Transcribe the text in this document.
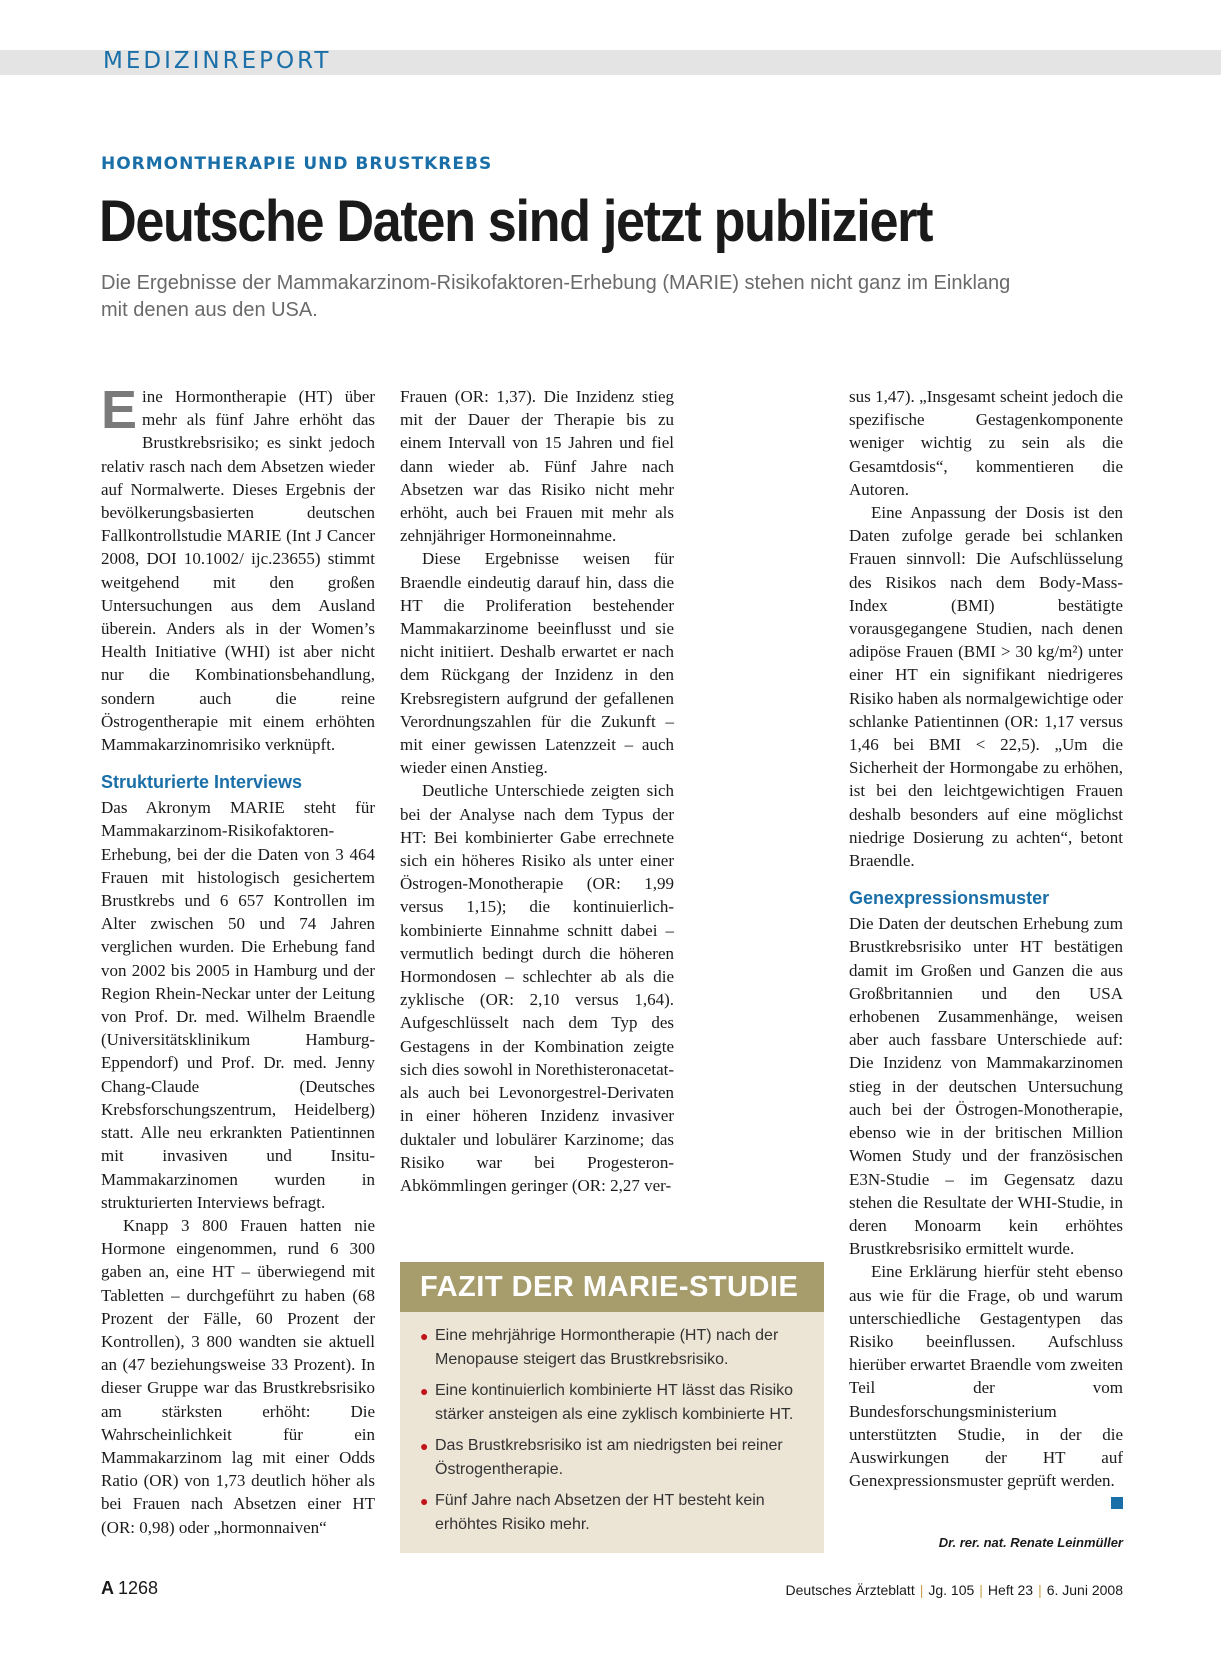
MEDIZINREPORT
HORMONTHERAPIE UND BRUSTKREBS
Deutsche Daten sind jetzt publiziert
Die Ergebnisse der Mammakarzinom-Risikofaktoren-Erhebung (MARIE) stehen nicht ganz im Einklang mit denen aus den USA.

Eine Hormontherapie (HT) über mehr als fünf Jahre erhöht das Brustkrebsrisiko; es sinkt jedoch relativ rasch nach dem Absetzen wieder auf Normalwerte. Dieses Ergebnis der bevölkerungsbasierten deutschen Fallkontrollstudie MARIE (Int J Cancer 2008, DOI 10.1002/ ijc.23655) stimmt weitgehend mit den großen Untersuchungen aus dem Ausland überein. Anders als in der Women’s Health Initiative (WHI) ist aber nicht nur die Kombinationsbehandlung, sondern auch die reine Östrogentherapie mit einem erhöhten Mammakarzinomrisiko verknüpft.

Strukturierte Interviews

Das Akronym MARIE steht für Mammakarzinom-Risikofaktoren-Erhebung, bei der die Daten von 3 464 Frauen mit histologisch gesichertem Brustkrebs und 6 657 Kontrollen im Alter zwischen 50 und 74 Jahren verglichen wurden. Die Erhebung fand von 2002 bis 2005 in Hamburg und der Region Rhein-Neckar unter der Leitung von Prof. Dr. med. Wilhelm Braendle (Universitätsklinikum Hamburg-Eppendorf) und Prof. Dr. med. Jenny Chang-Claude (Deutsches Krebsforschungszentrum, Heidelberg) statt. Alle neu erkrankten Patientinnen mit invasiven und Insitu-Mammakarzinomen wurden in strukturierten Interviews befragt.

Knapp 3 800 Frauen hatten nie Hormone eingenommen, rund 6 300 gaben an, eine HT – überwiegend mit Tabletten – durchgeführt zu haben (68 Prozent der Fälle, 60 Prozent der Kontrollen), 3 800 wandten sie aktuell an (47 beziehungsweise 33 Prozent). In dieser Gruppe war das Brustkrebsrisiko am stärksten erhöht: Die Wahrscheinlichkeit für ein Mammakarzinom lag mit einer Odds Ratio (OR) von 1,73 deutlich höher als bei Frauen nach Absetzen einer HT (OR: 0,98) oder „hormonnaiven“

Frauen (OR: 1,37). Die Inzidenz stieg mit der Dauer der Therapie bis zu einem Intervall von 15 Jahren und fiel dann wieder ab. Fünf Jahre nach Absetzen war das Risiko nicht mehr erhöht, auch bei Frauen mit mehr als zehnjähriger Hormoneinnahme.

Diese Ergebnisse weisen für Braendle eindeutig darauf hin, dass die HT die Proliferation bestehender Mammakarzinome beeinflusst und sie nicht initiiert. Deshalb erwartet er nach dem Rückgang der Inzidenz in den Krebsregistern aufgrund der gefallenen Verordnungszahlen für die Zukunft – mit einer gewissen Latenzzeit – auch wieder einen Anstieg.

Deutliche Unterschiede zeigten sich bei der Analyse nach dem Typus der HT: Bei kombinierter Gabe errechnete sich ein höheres Risiko als unter einer Östrogen-Monotherapie (OR: 1,99 versus 1,15); die kontinuierlich-kombinierte Einnahme schnitt dabei – vermutlich bedingt durch die höheren Hormondosen – schlechter ab als die zyklische (OR: 2,10 versus 1,64). Aufgeschlüsselt nach dem Typ des Gestagens in der Kombination zeigte sich dies sowohl in Norethisteronacetat- als auch bei Levonorgestrel-Derivaten in einer höheren Inzidenz invasiver duktaler und lobulärer Karzinome; das Risiko war bei Progesteron-Abkömmlingen geringer (OR: 2,27 ver-

FAZIT DER MARIE-STUDIE
● Eine mehrjährige Hormontherapie (HT) nach der Menopause steigert das Brustkrebsrisiko.
● Eine kontinuierlich kombinierte HT lässt das Risiko stärker ansteigen als eine zyklisch kombinierte HT.
● Das Brustkrebsrisiko ist am niedrigsten bei reiner Östrogentherapie.
● Fünf Jahre nach Absetzen der HT besteht kein erhöhtes Risiko mehr.

sus 1,47). „Insgesamt scheint jedoch die spezifische Gestagenkomponente weniger wichtig zu sein als die Gesamtdosis“, kommentieren die Autoren.

Eine Anpassung der Dosis ist den Daten zufolge gerade bei schlanken Frauen sinnvoll: Die Aufschlüsselung des Risikos nach dem Body-Mass-Index (BMI) bestätigte vorausgegangene Studien, nach denen adipöse Frauen (BMI > 30 kg/m²) unter einer HT ein signifikant niedrigeres Risiko haben als normalgewichtige oder schlanke Patientinnen (OR: 1,17 versus 1,46 bei BMI < 22,5). „Um die Sicherheit der Hormongabe zu erhöhen, ist bei den leichtgewichtigen Frauen deshalb besonders auf eine möglichst niedrige Dosierung zu achten“, betont Braendle.

Genexpressionsmuster

Die Daten der deutschen Erhebung zum Brustkrebsrisiko unter HT bestätigen damit im Großen und Ganzen die aus Großbritannien und den USA erhobenen Zusammenhänge, weisen aber auch fassbare Unterschiede auf: Die Inzidenz von Mammakarzinomen stieg in der deutschen Untersuchung auch bei der Östrogen-Monotherapie, ebenso wie in der britischen Million Women Study und der französischen E3N-Studie – im Gegensatz dazu stehen die Resultate der WHI-Studie, in deren Monoarm kein erhöhtes Brustkrebsrisiko ermittelt wurde.

Eine Erklärung hierfür steht ebenso aus wie für die Frage, ob und warum unterschiedliche Gestagentypen das Risiko beeinflussen. Aufschluss hierüber erwartet Braendle vom zweiten Teil der vom Bundesforschungsministerium unterstützten Studie, in der die Auswirkungen der HT auf Genexpressionsmuster geprüft werden.

Dr. rer. nat. Renate Leinmüller
A 1268	Deutsches Ärzteblatt | Jg. 105 | Heft 23 | 6. Juni 2008
